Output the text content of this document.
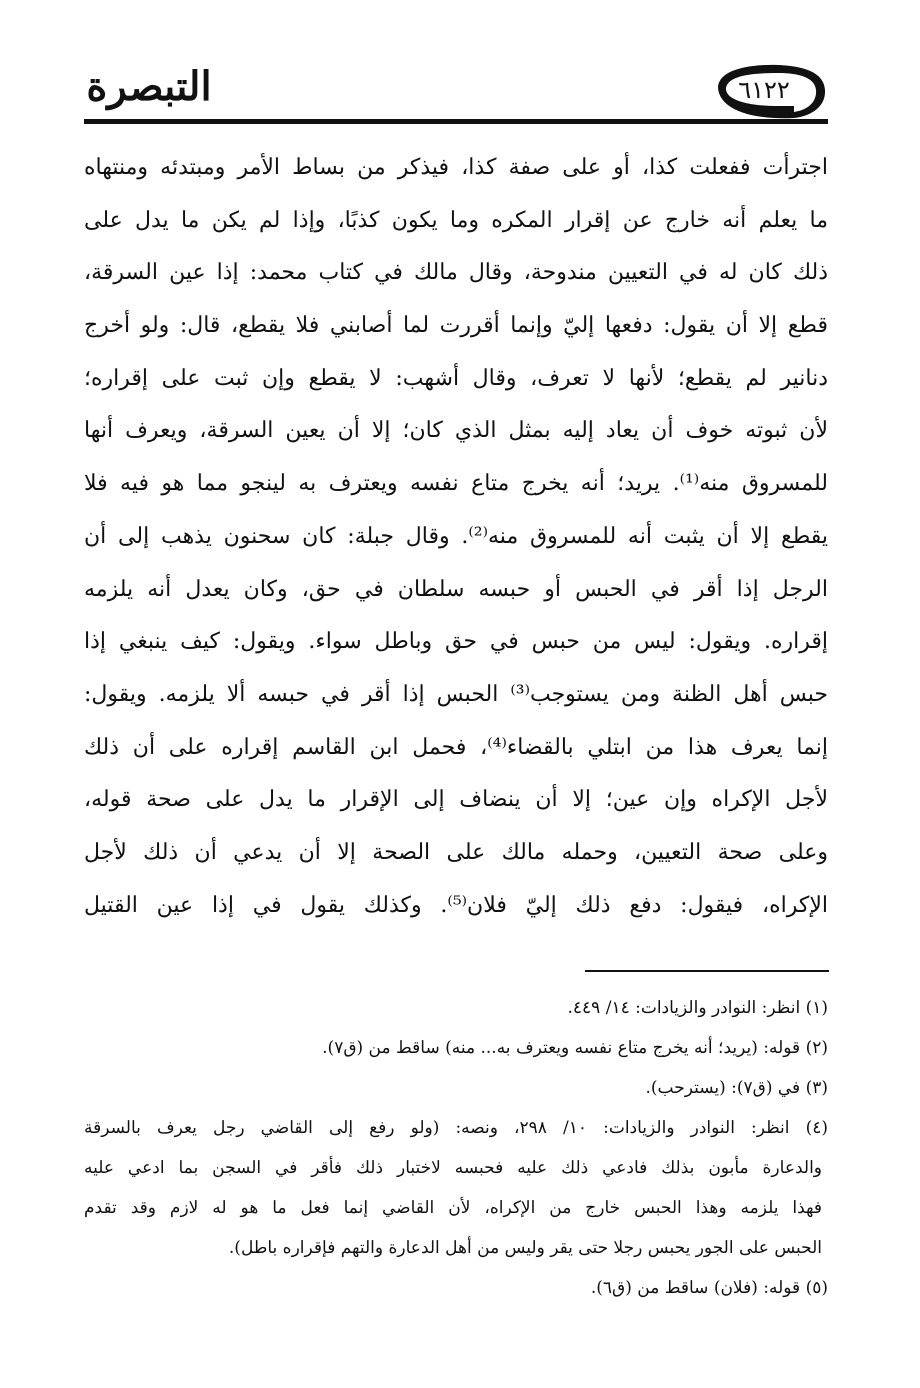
التبصرة	٦١٢٢
اجترأت ففعلت كذا، أو على صفة كذا، فيذكر من بساط الأمر ومبتدئه ومنتهاه
ما يعلم أنه خارج عن إقرار المكره وما يكون كذبًا، وإذا لم يكن ما يدل على
ذلك كان له في التعيين مندوحة، وقال مالك في كتاب محمد: إذا عين السرقة،
قطع إلا أن يقول: دفعها إليّ وإنما أقررت لما أصابني فلا يقطع، قال: ولو أخرج
دنانير لم يقطع؛ لأنها لا تعرف، وقال أشهب: لا يقطع وإن ثبت على إقراره؛
لأن ثبوته خوف أن يعاد إليه بمثل الذي كان؛ إلا أن يعين السرقة، ويعرف أنها
للمسروق منه⁽¹⁾. يريد؛ أنه يخرج متاع نفسه ويعترف به لينجو مما هو فيه فلا
يقطع إلا أن يثبت أنه للمسروق منه⁽²⁾. وقال جبلة: كان سحنون يذهب إلى أن
الرجل إذا أقر في الحبس أو حبسه سلطان في حق، وكان يعدل أنه يلزمه
إقراره. ويقول: ليس من حبس في حق وباطل سواء. ويقول: كيف ينبغي إذا
حبس أهل الظنة ومن يستوجب⁽³⁾ الحبس إذا أقر في حبسه ألا يلزمه. ويقول:
إنما يعرف هذا من ابتلي بالقضاء⁽⁴⁾، فحمل ابن القاسم إقراره على أن ذلك
لأجل الإكراه وإن عين؛ إلا أن ينضاف إلى الإقرار ما يدل على صحة قوله،
وعلى صحة التعيين، وحمله مالك على الصحة إلا أن يدعي أن ذلك لأجل
الإكراه، فيقول: دفع ذلك إليّ فلان⁽⁵⁾. وكذلك يقول في إذا عين القتيل
(١) انظر: النوادر والزيادات: ١٤/ ٤٤٩.
(٢) قوله: (يريد؛ أنه يخرج متاع نفسه ويعترف به... منه) ساقط من (ق٧).
(٣) في (ق٧): (يسترحب).
(٤) انظر: النوادر والزيادات: ١٠/ ٢٩٨، ونصه: (ولو رفع إلى القاضي رجل يعرف بالسرقة
والدعارة مأبون بذلك فادعي ذلك عليه فحبسه لاختبار ذلك فأقر في السجن بما ادعي عليه
فهذا يلزمه وهذا الحبس خارج من الإكراه، لأن القاضي إنما فعل ما هو له لازم وقد تقدم
الحبس على الجور يحبس رجلا حتى يقر وليس من أهل الدعارة والتهم فإقراره باطل).
(٥) قوله: (فلان) ساقط من (ق٦).
